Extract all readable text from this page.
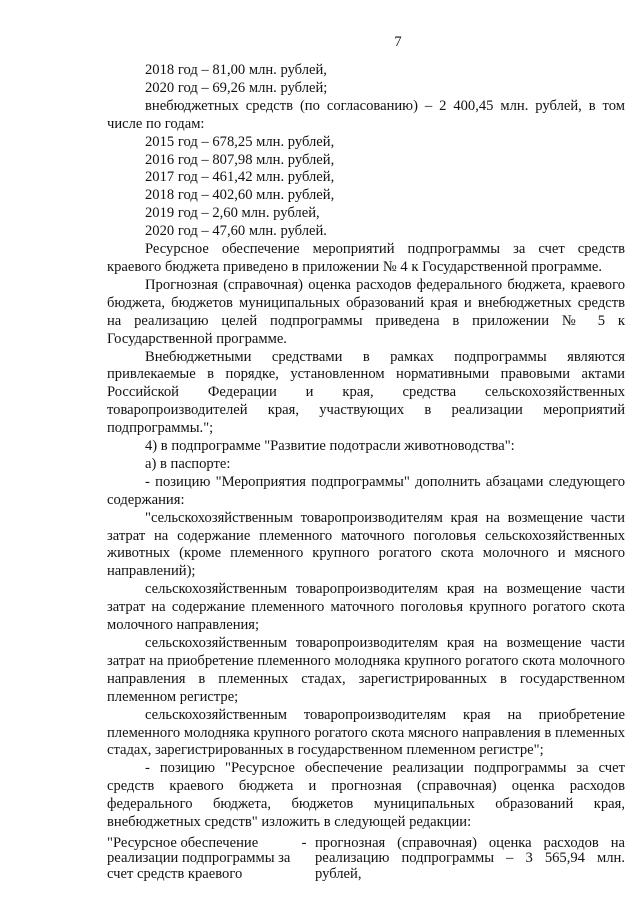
7
2018 год – 81,00 млн. рублей,
2020 год – 69,26 млн. рублей;
внебюджетных средств (по согласованию) – 2 400,45 млн. рублей, в том числе по годам:
2015 год – 678,25 млн. рублей,
2016 год – 807,98 млн. рублей,
2017 год – 461,42 млн. рублей,
2018 год – 402,60 млн. рублей,
2019 год – 2,60 млн. рублей,
2020 год – 47,60 млн. рублей.

Ресурсное обеспечение мероприятий подпрограммы за счет средств краевого бюджета приведено в приложении № 4 к Государственной программе.

Прогнозная (справочная) оценка расходов федерального бюджета, краевого бюджета, бюджетов муниципальных образований края и внебюджетных средств на реализацию целей подпрограммы приведена в приложении № 5 к Государственной программе.

Внебюджетными средствами в рамках подпрограммы являются привлекаемые в порядке, установленном нормативными правовыми актами Российской Федерации и края, средства сельскохозяйственных товаропроизводителей края, участвующих в реализации мероприятий подпрограммы.";

4) в подпрограмме "Развитие подотрасли животноводства":

а) в паспорте:

- позицию "Мероприятия подпрограммы" дополнить абзацами следующего содержания:

"сельскохозяйственным товаропроизводителям края на возмещение части затрат на содержание племенного маточного поголовья сельскохозяйственных животных (кроме племенного крупного рогатого скота молочного и мясного направлений);

сельскохозяйственным товаропроизводителям края на возмещение части затрат на содержание племенного маточного поголовья крупного рогатого скота молочного направления;

сельскохозяйственным товаропроизводителям края на возмещение части затрат на приобретение племенного молодняка крупного рогатого скота молочного направления в племенных стадах, зарегистрированных в государственном племенном регистре;

сельскохозяйственным товаропроизводителям края на приобретение племенного молодняка крупного рогатого скота мясного направления в племенных стадах, зарегистрированных в государственном племенном регистре";

- позицию "Ресурсное обеспечение реализации подпрограммы за счет средств краевого бюджета и прогнозная (справочная) оценка расходов федерального бюджета, бюджетов муниципальных образований края, внебюджетных средств" изложить в следующей редакции:

"Ресурсное обеспечение реализации подпрограммы за счет средств краевого
- прогнозная (справочная) оценка расходов на реализацию подпрограммы – 3 565,94 млн. рублей,
